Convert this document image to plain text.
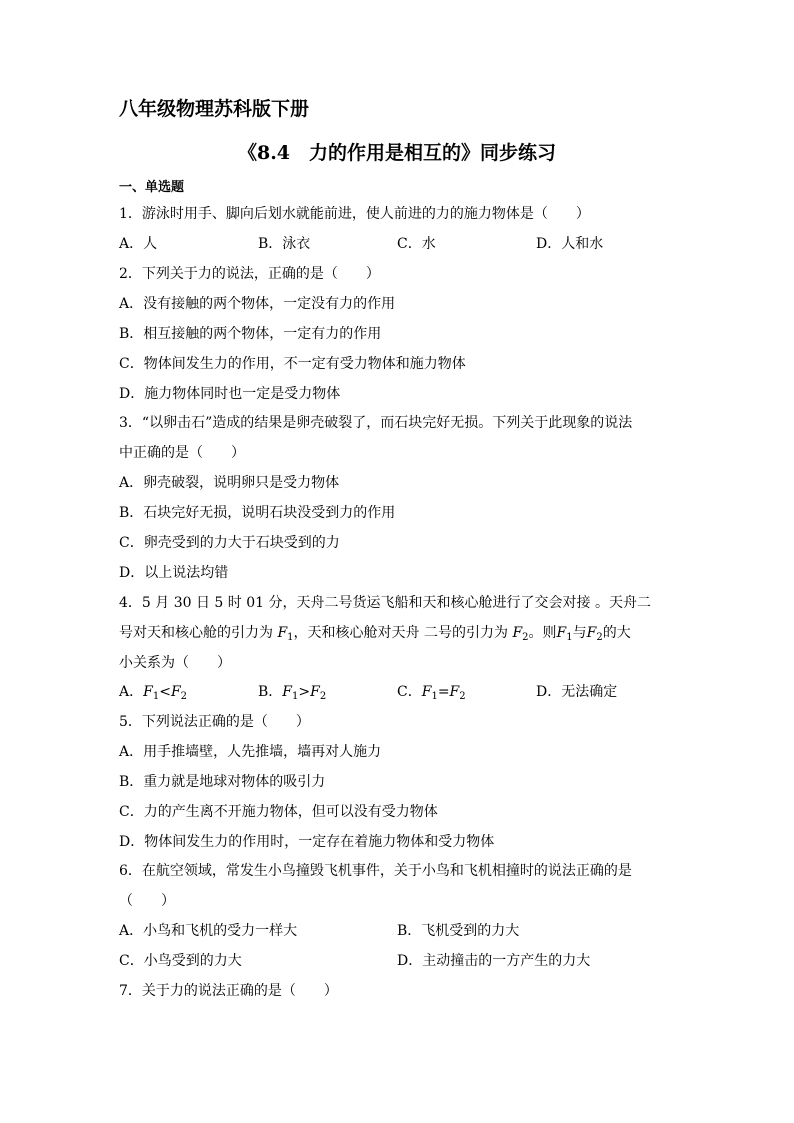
八年级物理苏科版下册
《8.4　力的作用是相互的》同步练习
一、单选题
1．游泳时用手、脚向后划水就能前进，使人前进的力的施力物体是（　　）
A．人	B．泳衣	C．水	D．人和水
2．下列关于力的说法，正确的是（　　）
A．没有接触的两个物体，一定没有力的作用
B．相互接触的两个物体，一定有力的作用
C．物体间发生力的作用，不一定有受力物体和施力物体
D．施力物体同时也一定是受力物体
3．“以卵击石”造成的结果是卵壳破裂了，而石块完好无损。下列关于此现象的说法
中正确的是（　　）
A．卵壳破裂，说明卵只是受力物体
B．石块完好无损，说明石块没受到力的作用
C．卵壳受到的力大于石块受到的力
D．以上说法均错
4．5 月 30 日 5 时 01 分，天舟二号货运飞船和天和核心舱进行了交会对接 。天舟二
号对天和核心舱的引力为 $F_1$，天和核心舱对天舟 二号的引力为 $F_2$。则$F_1$与$F_2$的大
小关系为（　　）
A．$F_1<F_2$	B．$F_1>F_2$	C．$F_1=F_2$	D．无法确定
5．下列说法正确的是（　　）
A．用手推墙壁，人先推墙，墙再对人施力
B．重力就是地球对物体的吸引力
C．力的产生离不开施力物体，但可以没有受力物体
D．物体间发生力的作用时，一定存在着施力物体和受力物体
6．在航空领域，常发生小鸟撞毁飞机事件，关于小鸟和飞机相撞时的说法正确的是
（　　）
A．小鸟和飞机的受力一样大	B．飞机受到的力大
C．小鸟受到的力大	D．主动撞击的一方产生的力大
7．关于力的说法正确的是（　　）
